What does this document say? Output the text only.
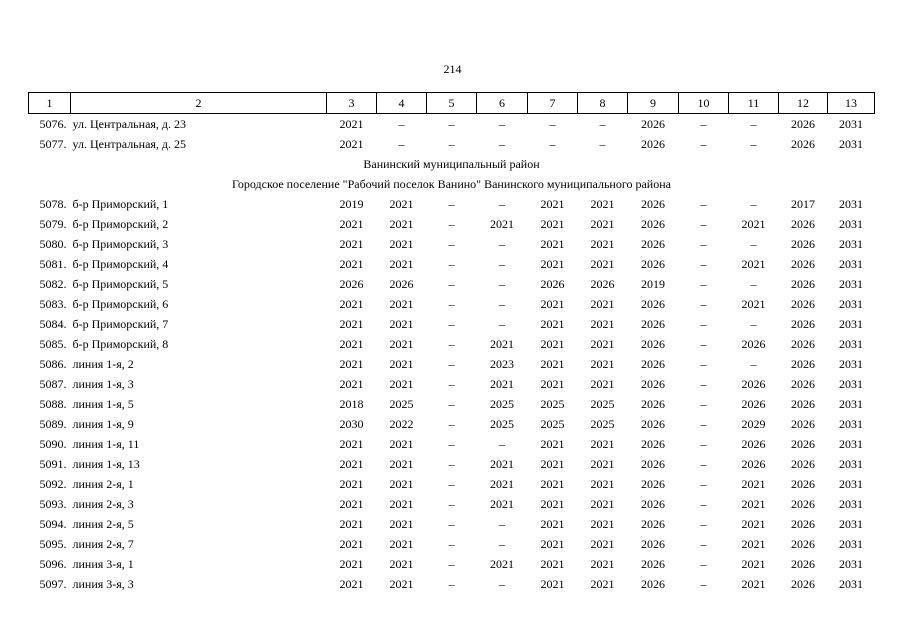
214
1	2	3	4	5	6	7	8	9	10	11	12	13
5076.	ул. Центральная, д. 23	2021	–	–	–	–	–	2026	–	–	2026	2031
5077.	ул. Центральная, д. 25	2021	–	–	–	–	–	2026	–	–	2026	2031
Ванинский муниципальный район												
Городское поселение "Рабочий поселок Ванино" Ванинского муниципального района												
5078.	б-р Приморский, 1	2019	2021	–	–	2021	2021	2026	–	–	2017	2031
5079.	б-р Приморский, 2	2021	2021	–	2021	2021	2021	2026	–	2021	2026	2031
5080.	б-р Приморский, 3	2021	2021	–	–	2021	2021	2026	–	–	2026	2031
5081.	б-р Приморский, 4	2021	2021	–	–	2021	2021	2026	–	2021	2026	2031
5082.	б-р Приморский, 5	2026	2026	–	–	2026	2026	2019	–	–	2026	2031
5083.	б-р Приморский, 6	2021	2021	–	–	2021	2021	2026	–	2021	2026	2031
5084.	б-р Приморский, 7	2021	2021	–	–	2021	2021	2026	–	–	2026	2031
5085.	б-р Приморский, 8	2021	2021	–	2021	2021	2021	2026	–	2026	2026	2031
5086.	линия 1-я, 2	2021	2021	–	2023	2021	2021	2026	–	–	2026	2031
5087.	линия 1-я, 3	2021	2021	–	2021	2021	2021	2026	–	2026	2026	2031
5088.	линия 1-я, 5	2018	2025	–	2025	2025	2025	2026	–	2026	2026	2031
5089.	линия 1-я, 9	2030	2022	–	2025	2025	2025	2026	–	2029	2026	2031
5090.	линия 1-я, 11	2021	2021	–	–	2021	2021	2026	–	2026	2026	2031
5091.	линия 1-я, 13	2021	2021	–	2021	2021	2021	2026	–	2026	2026	2031
5092.	линия 2-я, 1	2021	2021	–	2021	2021	2021	2026	–	2021	2026	2031
5093.	линия 2-я, 3	2021	2021	–	2021	2021	2021	2026	–	2021	2026	2031
5094.	линия 2-я, 5	2021	2021	–	–	2021	2021	2026	–	2021	2026	2031
5095.	линия 2-я, 7	2021	2021	–	–	2021	2021	2026	–	2021	2026	2031
5096.	линия 3-я, 1	2021	2021	–	2021	2021	2021	2026	–	2021	2026	2031
5097.	линия 3-я, 3	2021	2021	–	–	2021	2021	2026	–	2021	2026	2031
